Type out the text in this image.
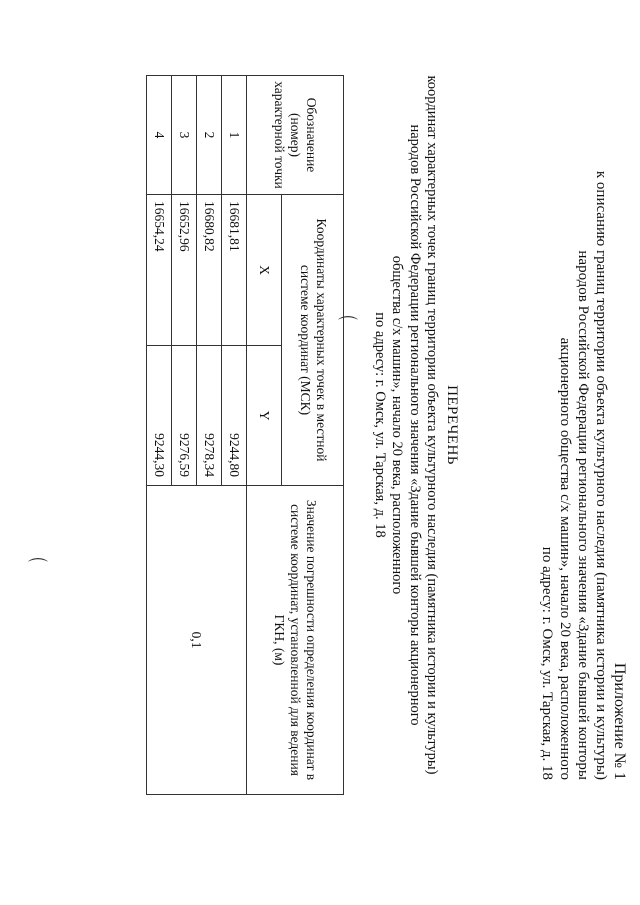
Приложение № 1
к описанию границ территории объекта культурного наследия (памятника истории и культуры)
народов Российской Федерации регионального значения «Здание бывшей конторы
акционерного общества с/х машин», начало 20 века, расположенного
по адресу: г. Омск, ул. Тарская, д. 18
ПЕРЕЧЕНЬ
координат характерных точек границ территории объекта культурного наследия (памятника истории и культуры)
народов Российской Федерации регионального значения «Здание бывшей конторы акционерного
общества с/х машин», начало 20 века, расположенного
по адресу: г. Омск, ул. Тарская, д. 18
Обозначение (номер) характерной точки	Координаты характерных точек в местной системе координат (МСК)		Значение погрешности определения координат в системе координат, установленной для ведения ГКН, (м)
	X	Y	
1	16681,81	9244,80	0,1
2	16680,82	9278,34	
3	16652,96	9276,59	
4	16654,24	9244,30	
⌒
⌒
